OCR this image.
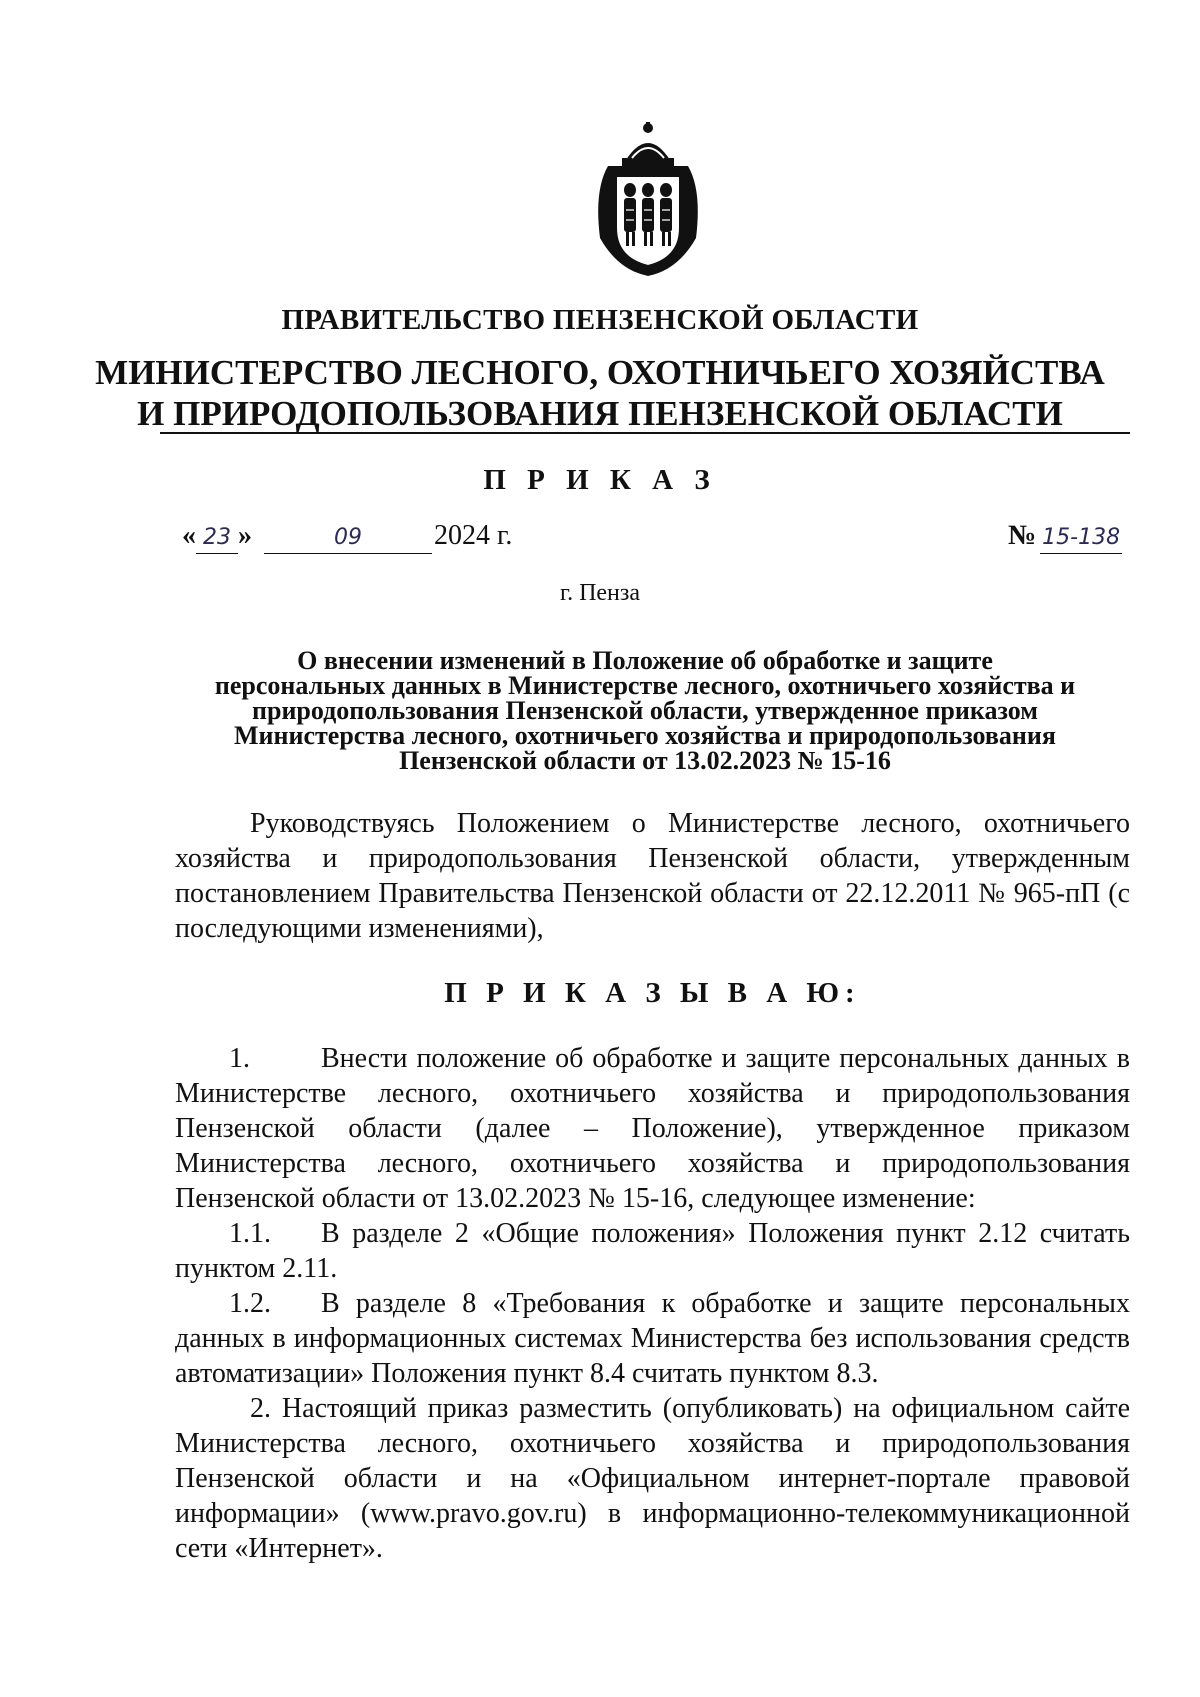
ПРАВИТЕЛЬСТВО ПЕНЗЕНСКОЙ ОБЛАСТИ
МИНИСТЕРСТВО ЛЕСНОГО, ОХОТНИЧЬЕГО ХОЗЯЙСТВА
И ПРИРОДОПОЛЬЗОВАНИЯ ПЕНЗЕНСКОЙ ОБЛАСТИ
П Р И К А З
« 23 »	09	2024 г.	№ 15-138
г. Пенза
О внесении изменений в Положение об обработке и защите
персональных данных в Министерстве лесного, охотничьего хозяйства и
природопользования Пензенской области, утвержденное приказом
Министерства лесного, охотничьего хозяйства и природопользования
Пензенской области от 13.02.2023 № 15-16

Руководствуясь Положением о Министерстве лесного, охотничьего хозяйства и природопользования Пензенской области, утвержденным постановлением Правительства Пензенской области от 22.12.2011 № 965-пП (с последующими изменениями),

П Р И К А З Ы В А Ю:

1.	Внести положение об обработке и защите персональных данных в Министерстве лесного, охотничьего хозяйства и природопользования Пензенской области (далее – Положение), утвержденное приказом Министерства лесного, охотничьего хозяйства и природопользования Пензенской области от 13.02.2023 № 15-16, следующее изменение:

1.1. В разделе 2 «Общие положения» Положения пункт 2.12 считать пунктом 2.11.

1.2. В разделе 8 «Требования к обработке и защите персональных данных в информационных системах Министерства без использования средств автоматизации» Положения пункт 8.4 считать пунктом 8.3.

2. Настоящий приказ разместить (опубликовать) на официальном сайте Министерства лесного, охотничьего хозяйства и природопользования Пензенской области и на «Официальном интернет-портале правовой информации» (www.pravo.gov.ru) в информационно-телекоммуникационной сети «Интернет».
